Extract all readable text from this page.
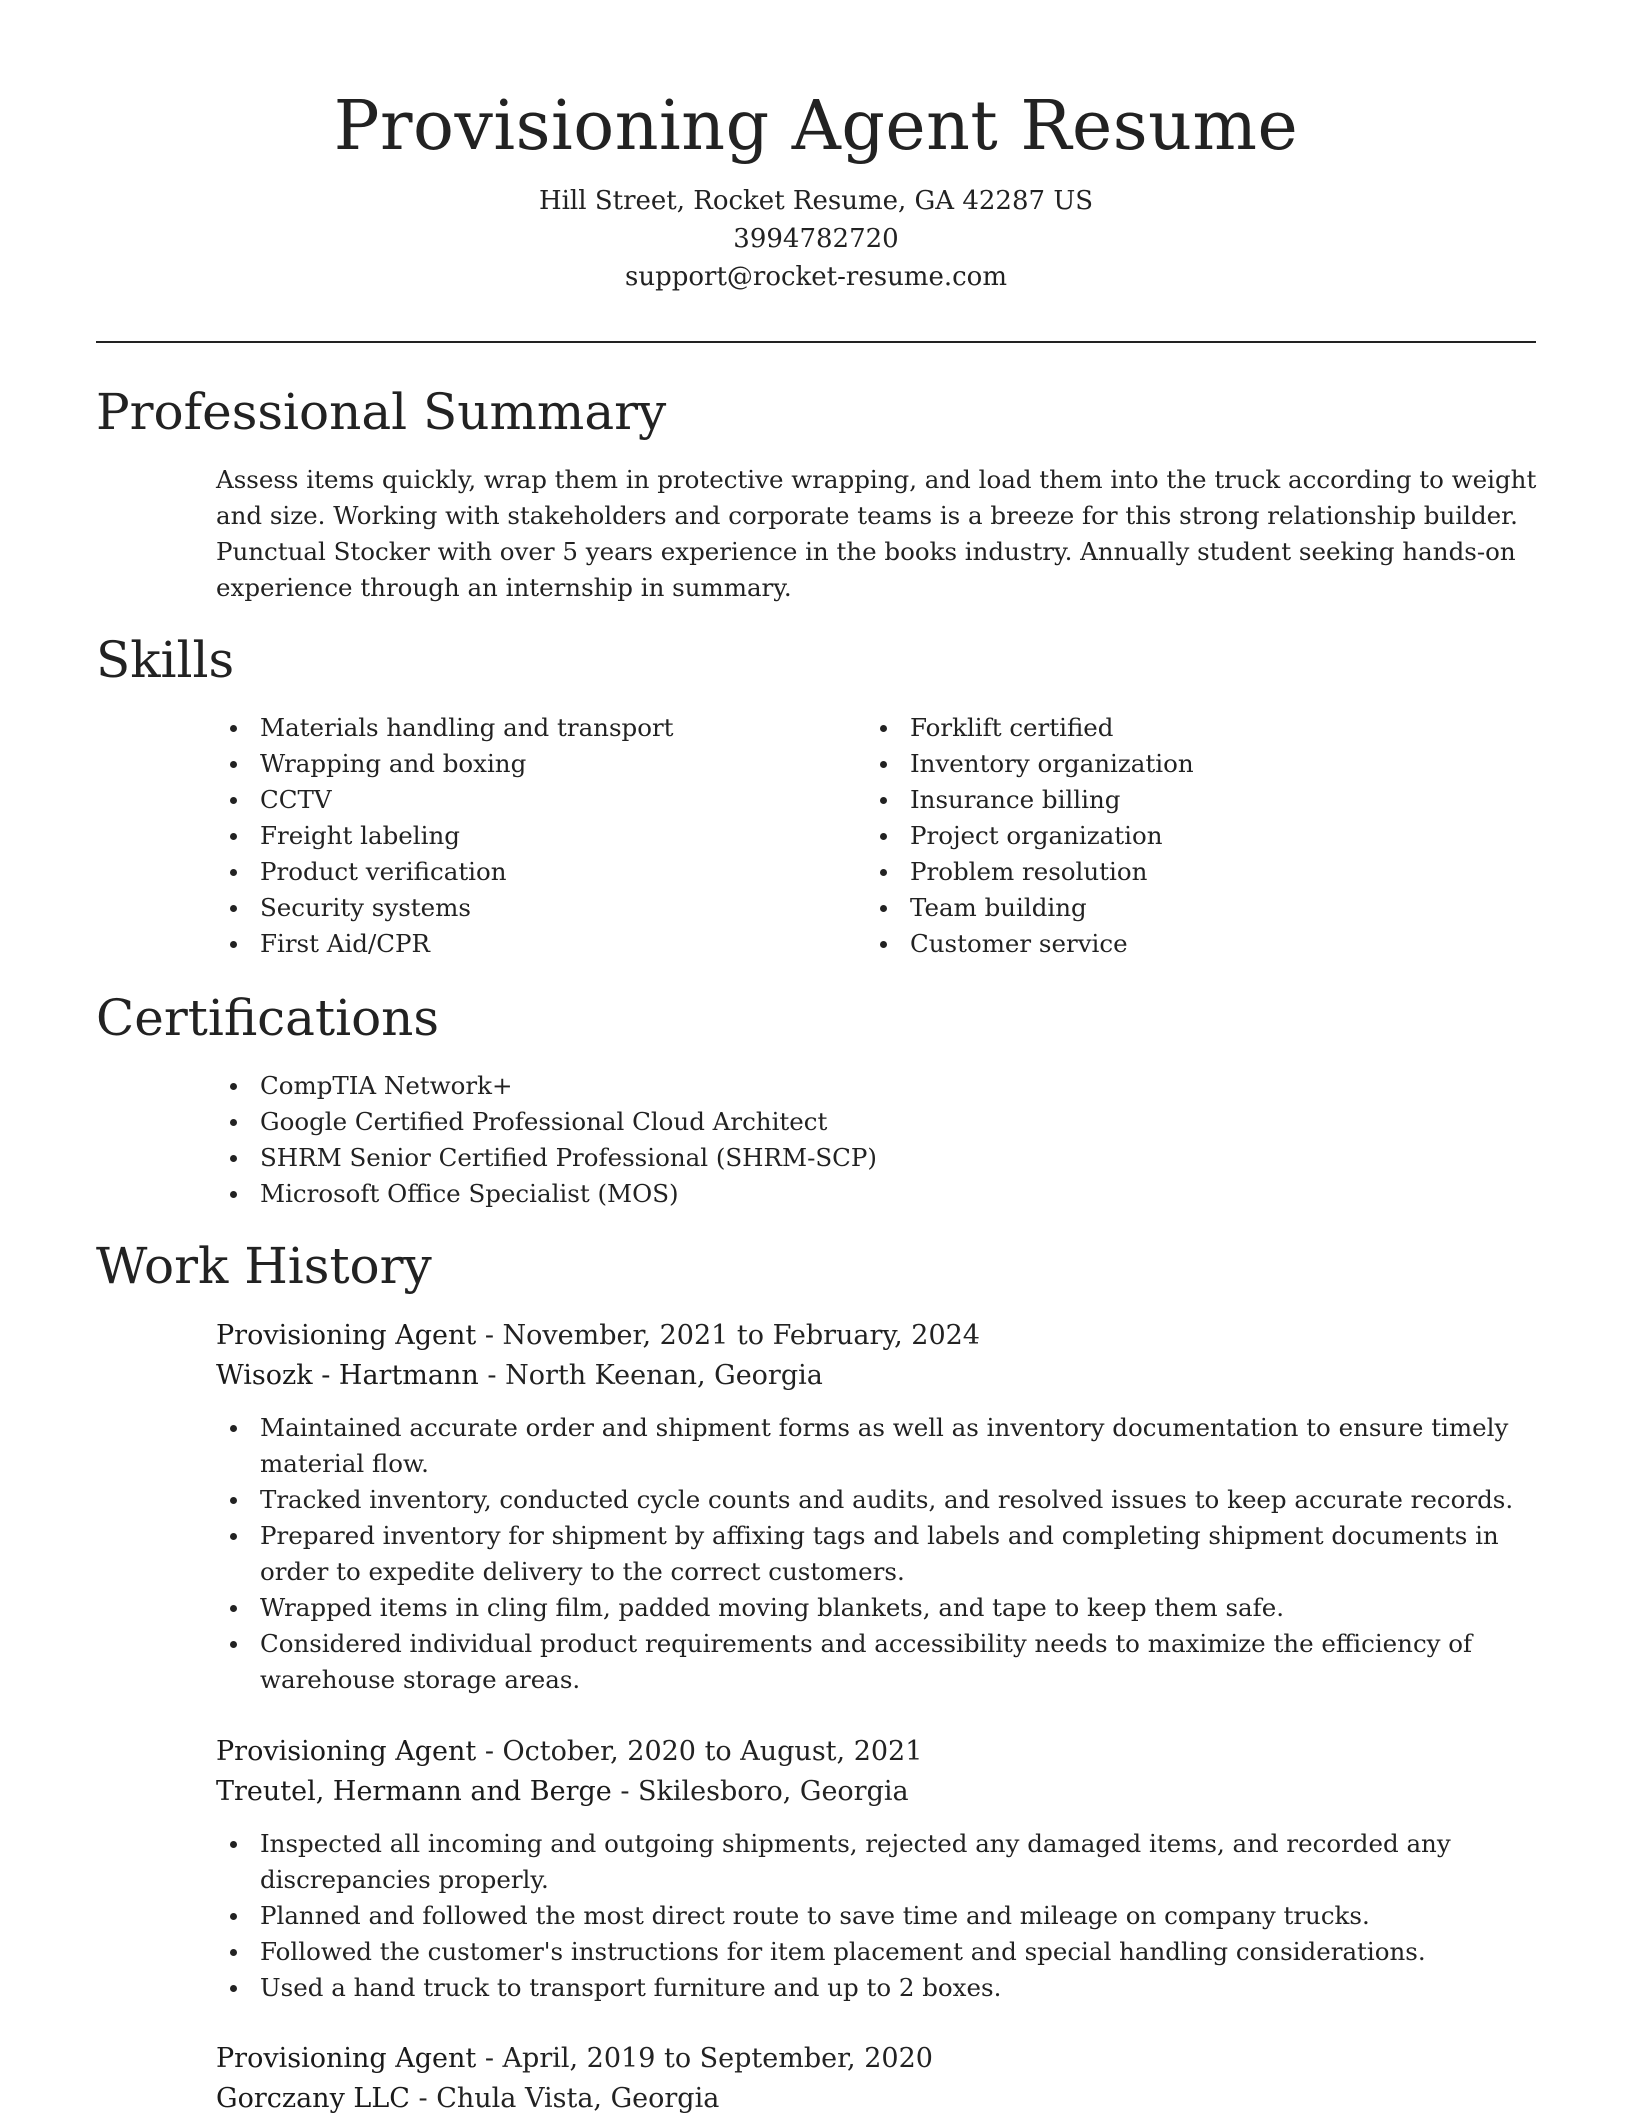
Provisioning Agent Resume
Hill Street, Rocket Resume, GA 42287 US
3994782720
support@rocket-resume.com
Professional Summary

Assess items quickly, wrap them in protective wrapping, and load them into the truck according to weight and size. Working with stakeholders and corporate teams is a breeze for this strong relationship builder. Punctual Stocker with over 5 years experience in the books industry. Annually student seeking hands-on experience through an internship in summary.

Skills
Materials handling and transport
Wrapping and boxing
CCTV
Freight labeling
Product verification
Security systems
First Aid/CPR
Forklift certified
Inventory organization
Insurance billing
Project organization
Problem resolution
Team building
Customer service
Certifications
CompTIA Network+
Google Certified Professional Cloud Architect
SHRM Senior Certified Professional (SHRM-SCP)
Microsoft Office Specialist (MOS)
Work History
Provisioning Agent - November, 2021 to February, 2024
Wisozk - Hartmann - North Keenan, Georgia
Maintained accurate order and shipment forms as well as inventory documentation to ensure timely material flow.
Tracked inventory, conducted cycle counts and audits, and resolved issues to keep accurate records.
Prepared inventory for shipment by affixing tags and labels and completing shipment documents in order to expedite delivery to the correct customers.
Wrapped items in cling film, padded moving blankets, and tape to keep them safe.
Considered individual product requirements and accessibility needs to maximize the efficiency of warehouse storage areas.
Provisioning Agent - October, 2020 to August, 2021
Treutel, Hermann and Berge - Skilesboro, Georgia
Inspected all incoming and outgoing shipments, rejected any damaged items, and recorded any discrepancies properly.
Planned and followed the most direct route to save time and mileage on company trucks.
Followed the customer's instructions for item placement and special handling considerations.
Used a hand truck to transport furniture and up to 2 boxes.
Provisioning Agent - April, 2019 to September, 2020
Gorczany LLC - Chula Vista, Georgia
